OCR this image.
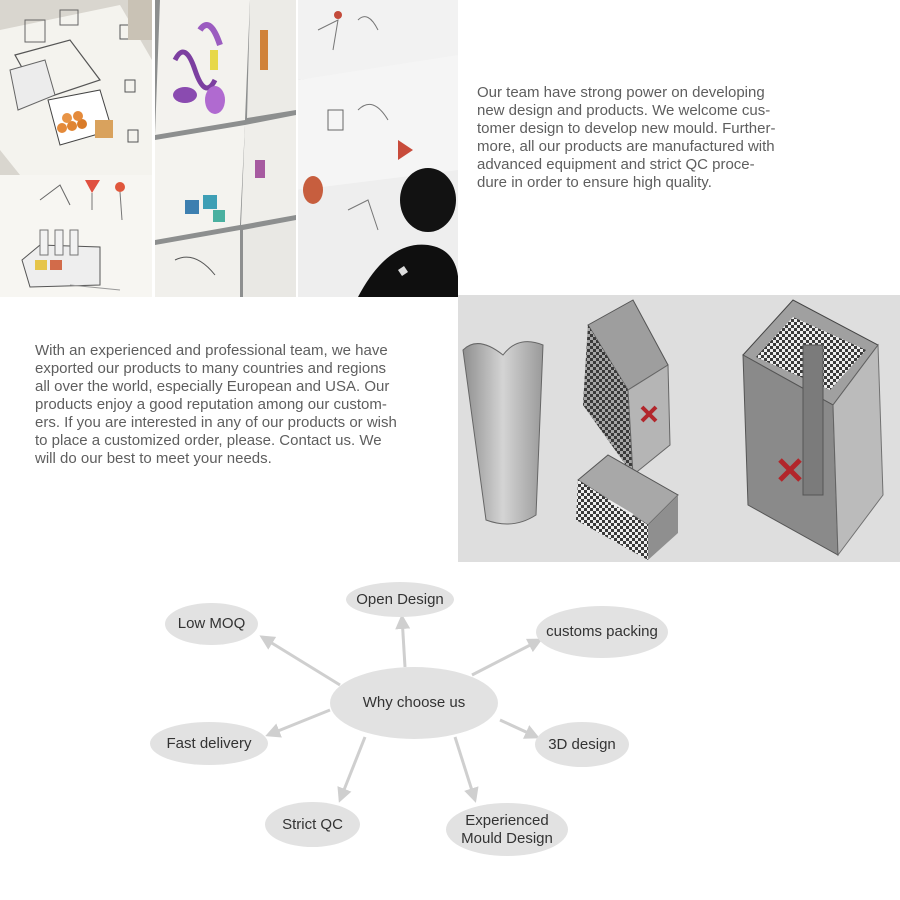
Our team have strong power on developing
new design and products. We welcome cus-
tomer design to develop new mould. Further-
more, all our products are manufactured with
advanced equipment and strict QC proce-
dure in order to ensure high quality.

With an experienced and professional team, we have
exported our products to many countries and regions
all over the world, especially European and USA. Our
products enjoy a good reputation among our custom-
ers. If you are interested in any of our products or wish
to place a customized order, please. Contact us. We
will do our best to meet your needs.

Why choose us
Low MOQ
Open Design
customs packing
Fast delivery	3D design
Strict QC	Experienced
Mould Design
